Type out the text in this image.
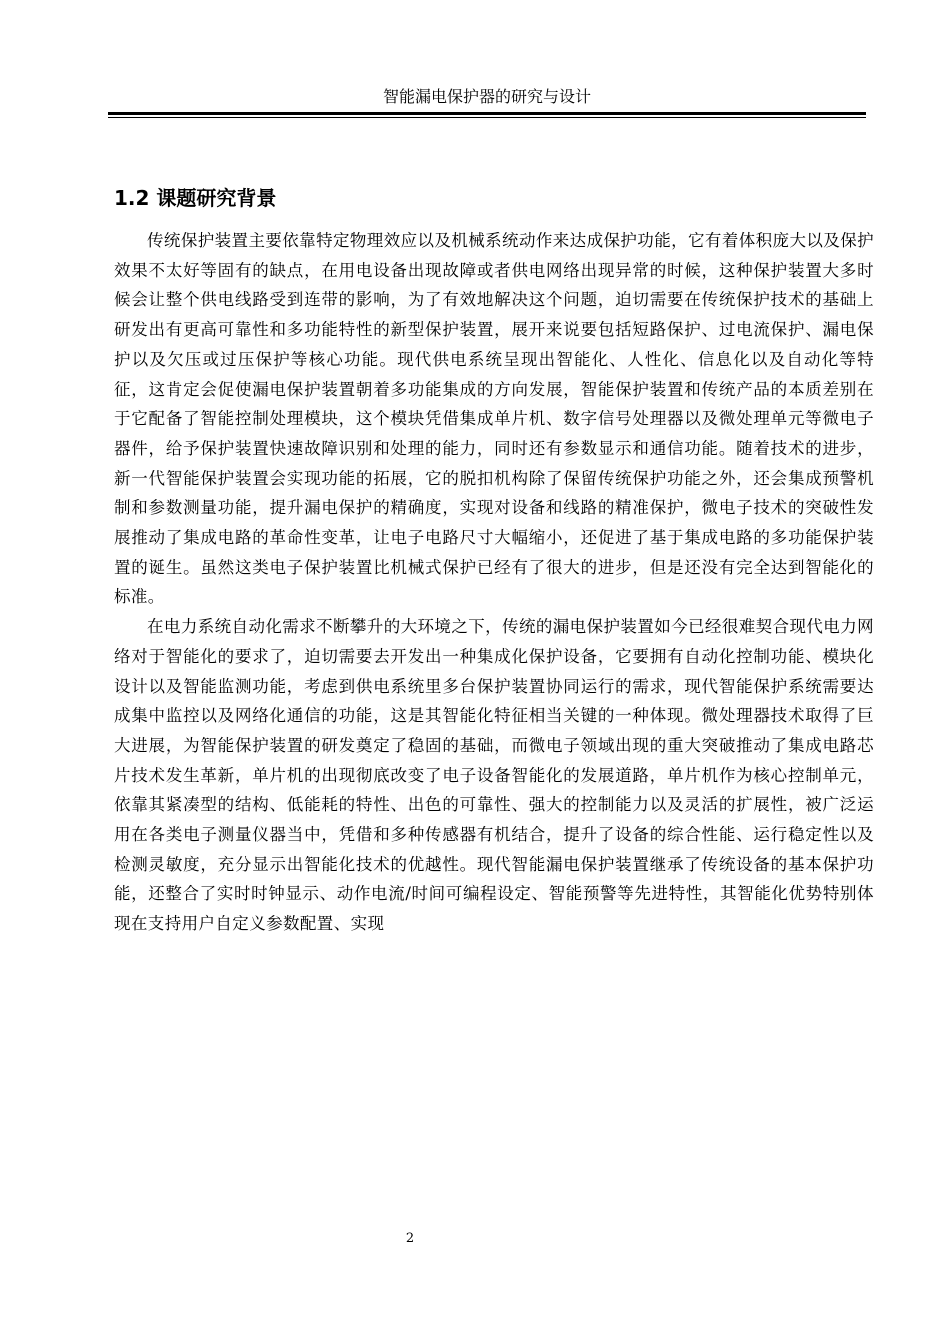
智能漏电保护器的研究与设计
1.2 课题研究背景

传统保护装置主要依靠特定物理效应以及机械系统动作来达成保护功能，它有着体积庞大以及保护效果不太好等固有的缺点，在用电设备出现故障或者供电网络出现异常的时候，这种保护装置大多时候会让整个供电线路受到连带的影响，为了有效地解决这个问题，迫切需要在传统保护技术的基础上研发出有更高可靠性和多功能特性的新型保护装置，展开来说要包括短路保护、过电流保护、漏电保护以及欠压或过压保护等核心功能。现代供电系统呈现出智能化、人性化、信息化以及自动化等特征，这肯定会促使漏电保护装置朝着多功能集成的方向发展，智能保护装置和传统产品的本质差别在于它配备了智能控制处理模块，这个模块凭借集成单片机、数字信号处理器以及微处理单元等微电子器件，给予保护装置快速故障识别和处理的能力，同时还有参数显示和通信功能。随着技术的进步，新一代智能保护装置会实现功能的拓展，它的脱扣机构除了保留传统保护功能之外，还会集成预警机制和参数测量功能，提升漏电保护的精确度，实现对设备和线路的精准保护，微电子技术的突破性发展推动了集成电路的革命性变革，让电子电路尺寸大幅缩小，还促进了基于集成电路的多功能保护装置的诞生。虽然这类电子保护装置比机械式保护已经有了很大的进步，但是还没有完全达到智能化的标准。

在电力系统自动化需求不断攀升的大环境之下，传统的漏电保护装置如今已经很难契合现代电力网络对于智能化的要求了，迫切需要去开发出一种集成化保护设备，它要拥有自动化控制功能、模块化设计以及智能监测功能，考虑到供电系统里多台保护装置协同运行的需求，现代智能保护系统需要达成集中监控以及网络化通信的功能，这是其智能化特征相当关键的一种体现。微处理器技术取得了巨大进展，为智能保护装置的研发奠定了稳固的基础，而微电子领域出现的重大突破推动了集成电路芯片技术发生革新，单片机的出现彻底改变了电子设备智能化的发展道路，单片机作为核心控制单元，依靠其紧凑型的结构、低能耗的特性、出色的可靠性、强大的控制能力以及灵活的扩展性，被广泛运用在各类电子测量仪器当中，凭借和多种传感器有机结合，提升了设备的综合性能、运行稳定性以及检测灵敏度，充分显示出智能化技术的优越性。现代智能漏电保护装置继承了传统设备的基本保护功能，还整合了实时时钟显示、动作电流/时间可编程设定、智能预警等先进特性，其智能化优势特别体现在支持用户自定义参数配置、实现

2
